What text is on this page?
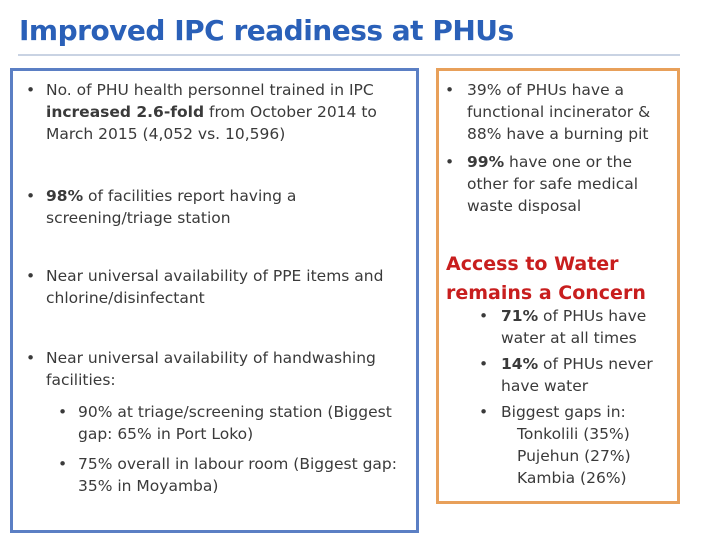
Improved IPC readiness at PHUs
• No. of PHU health personnel trained in IPC
increased 2.6-fold from October 2014 to
March 2015 (4,052 vs. 10,596)
• 98% of facilities report having a
screening/triage station
• Near universal availability of PPE items and
chlorine/disinfectant
• Near universal availability of handwashing
facilities:
• 90% at triage/screening station (Biggest
gap: 65% in Port Loko)
• 75% overall in labour room (Biggest gap:
35% in Moyamba)
• 39% of PHUs have a
functional incinerator &
88% have a burning pit
• 99% have one or the
other for safe medical
waste disposal
Access to Water
remains a Concern
• 71% of PHUs have
water at all times
• 14% of PHUs never
have water
• Biggest gaps in:
Tonkolili (35%)
Pujehun (27%)
Kambia (26%)
